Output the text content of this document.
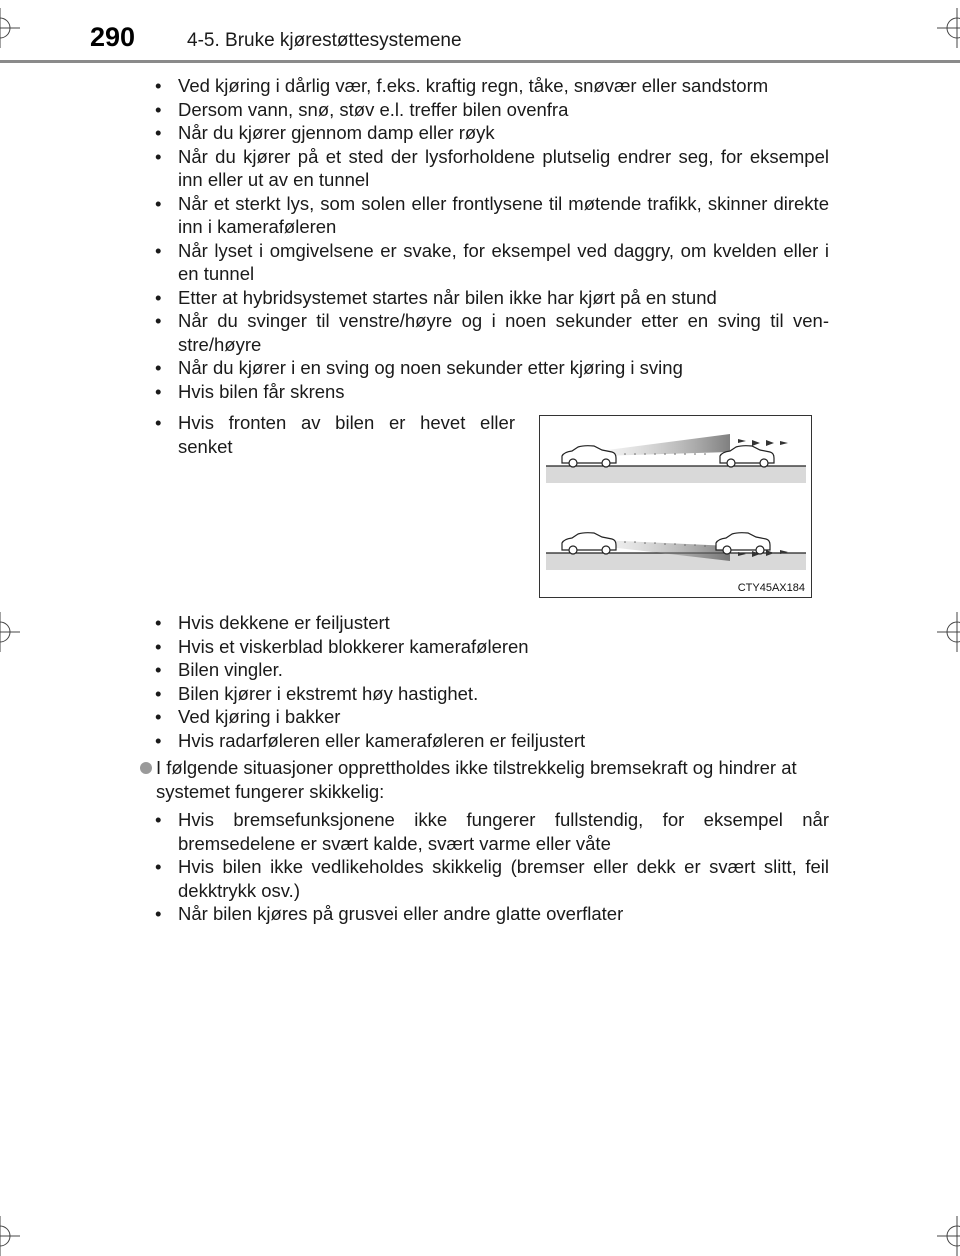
290	4-5. Bruke kjørestøttesystemene
• Ved kjøring i dårlig vær, f.eks. kraftig regn, tåke, snøvær eller sandstorm
• Dersom vann, snø, støv e.l. treffer bilen ovenfra
• Når du kjører gjennom damp eller røyk
• Når du kjører på et sted der lysforholdene plutselig endrer seg, for eksempel inn eller ut av en tunnel
• Når et sterkt lys, som solen eller frontlysene til møtende trafikk, skinner direkte inn i kameraføleren
• Når lyset i omgivelsene er svake, for eksempel ved daggry, om kvelden eller i en tunnel
• Etter at hybridsystemet startes når bilen ikke har kjørt på en stund
• Når du svinger til venstre/høyre og i noen sekunder etter en sving til ven-stre/høyre
• Når du kjører i en sving og noen sekunder etter kjøring i sving
• Hvis bilen får skrens
• Hvis fronten av bilen er hevet eller senket
CTY45AX184
• Hvis dekkene er feiljustert
• Hvis et viskerblad blokkerer kameraføleren
• Bilen vingler.
• Bilen kjører i ekstremt høy hastighet.
• Ved kjøring i bakker
• Hvis radarføleren eller kameraføleren er feiljustert
I følgende situasjoner opprettholdes ikke tilstrekkelig bremsekraft og hindrer at systemet fungerer skikkelig:
• Hvis bremsefunksjonene ikke fungerer fullstendig, for eksempel når bremsedelene er svært kalde, svært varme eller våte
• Hvis bilen ikke vedlikeholdes skikkelig (bremser eller dekk er svært slitt, feil dekktrykk osv.)
• Når bilen kjøres på grusvei eller andre glatte overflater
